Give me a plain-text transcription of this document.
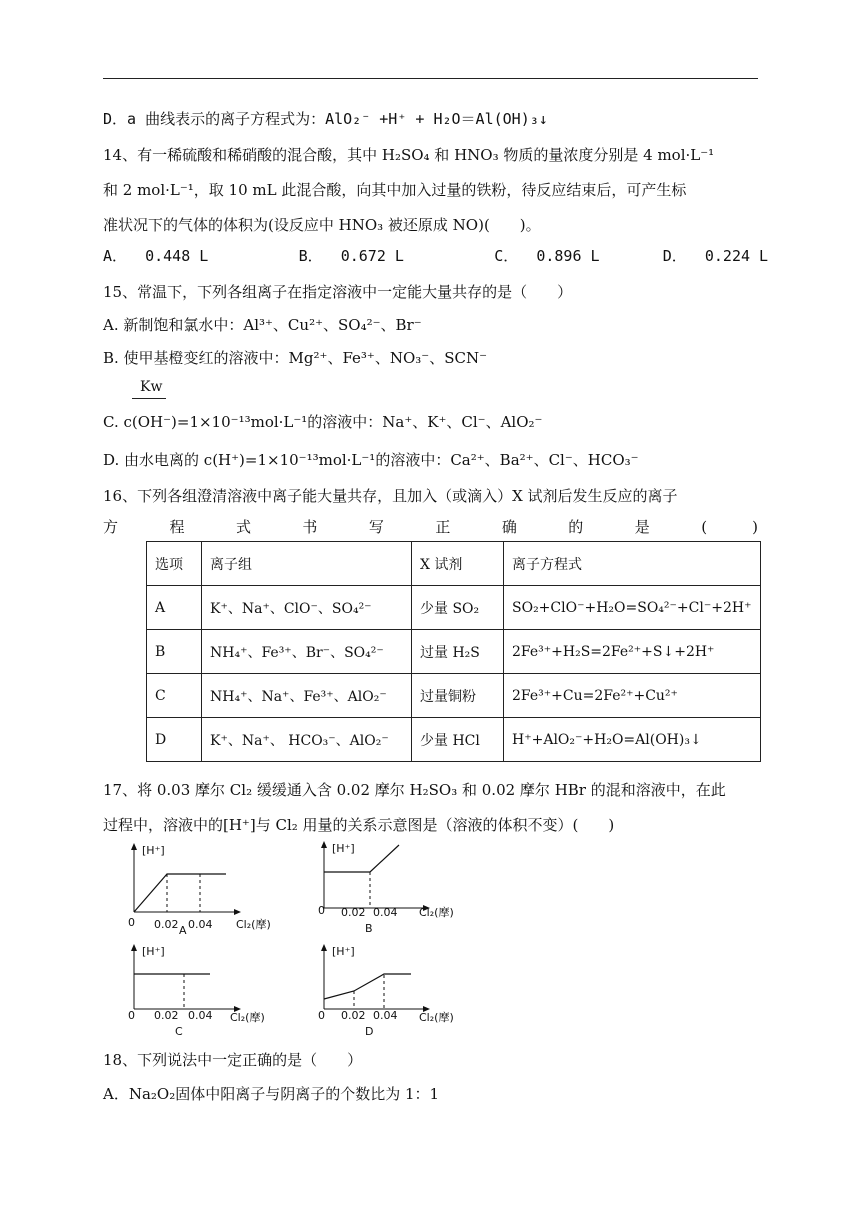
D．a 曲线表示的离子方程式为：AlO₂⁻ +H⁺ + H₂O＝Al(OH)₃↓
14、有一稀硫酸和稀硝酸的混合酸，其中 H₂SO₄ 和 HNO₃ 物质的量浓度分别是 4 mol·L⁻¹
和 2 mol·L⁻¹，取 10 mL 此混合酸，向其中加入过量的铁粉，待反应结束后，可产生标
准状况下的气体的体积为(设反应中 HNO₃ 被还原成 NO)(　　)。
A．  0.448 L          B．  0.672 L          C．  0.896 L       D．  0.224 L
15、常温下，下列各组离子在指定溶液中一定能大量共存的是（　　）
A. 新制饱和氯水中：Al³⁺、Cu²⁺、SO₄²⁻、Br⁻
B. 使甲基橙变红的溶液中：Mg²⁺、Fe³⁺、NO₃⁻、SCN⁻
Kw
C. c(OH⁻)=1×10⁻¹³mol·L⁻¹的溶液中：Na⁺、K⁺、Cl⁻、AlO₂⁻
D. 由水电离的 c(H⁺)=1×10⁻¹³mol·L⁻¹的溶液中：Ca²⁺、Ba²⁺、Cl⁻、HCO₃⁻
16、下列各组澄清溶液中离子能大量共存，且加入（或滴入）X 试剂后发生反应的离子
方	程	式	书	写	正	确	的	是	(　　　)
选项	离子组	X 试剂	离子方程式
A	K⁺、Na⁺、ClO⁻、SO₄²⁻	少量 SO₂	SO₂+ClO⁻+H₂O=SO₄²⁻+Cl⁻+2H⁺
B	NH₄⁺、Fe³⁺、Br⁻、SO₄²⁻	过量 H₂S	2Fe³⁺+H₂S=2Fe²⁺+S↓+2H⁺
C	NH₄⁺、Na⁺、Fe³⁺、AlO₂⁻	过量铜粉	2Fe³⁺+Cu=2Fe²⁺+Cu²⁺
D	K⁺、Na⁺、 HCO₃⁻、AlO₂⁻	少量 HCl	H⁺+AlO₂⁻+H₂O=Al(OH)₃↓
17、将 0.03 摩尔 Cl₂ 缓缓通入含 0.02 摩尔 H₂SO₃ 和 0.02 摩尔 HBr 的混和溶液中，在此
过程中，溶液中的[H⁺]与 Cl₂ 用量的关系示意图是（溶液的体积不变）(　　)
[H⁺]
0 0.02 0.04 Cl₂(摩)
A
[H⁺]
0 0.02 0.04 Cl₂(摩)
B
[H⁺]
0 0.02 0.04 Cl₂(摩)
C
[H⁺]
0 0.02 0.04 Cl₂(摩)
D
18、下列说法中一定正确的是（　　）
A．Na₂O₂固体中阳离子与阴离子的个数比为 1：1
